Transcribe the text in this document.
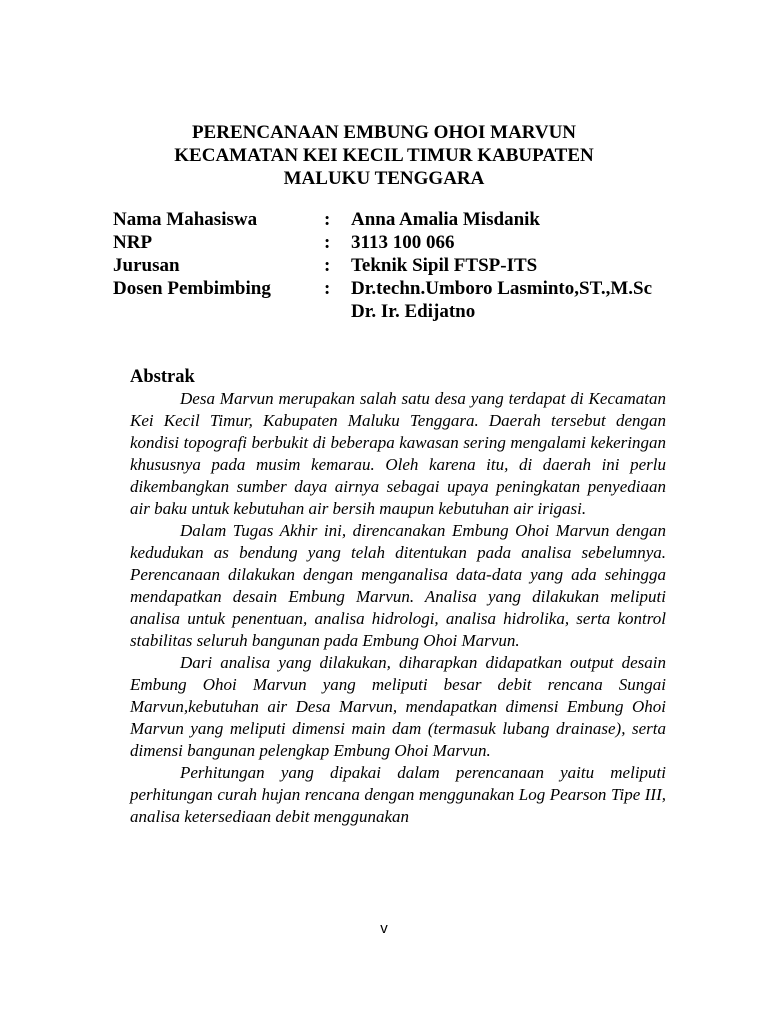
PERENCANAAN EMBUNG OHOI MARVUN
KECAMATAN KEI KECIL TIMUR KABUPATEN
MALUKU TENGGARA
Nama Mahasiswa	: Anna Amalia Misdanik
NRP	: 3113 100 066
Jurusan	: Teknik Sipil FTSP-ITS
Dosen Pembimbing	: Dr.techn.Umboro Lasminto,ST.,M.Sc
Dr. Ir. Edijatno
Abstrak

Desa Marvun merupakan salah satu desa yang terdapat di Kecamatan Kei Kecil Timur, Kabupaten Maluku Tenggara. Daerah tersebut dengan kondisi topografi berbukit di beberapa kawasan sering mengalami kekeringan khususnya pada musim kemarau. Oleh karena itu, di daerah ini perlu dikembangkan sumber daya airnya sebagai upaya peningkatan penyediaan air baku untuk kebutuhan air bersih maupun kebutuhan air irigasi.

Dalam Tugas Akhir ini, direncanakan Embung Ohoi Marvun dengan kedudukan as bendung yang telah ditentukan pada analisa sebelumnya. Perencanaan dilakukan dengan menganalisa data-data yang ada sehingga mendapatkan desain Embung Marvun. Analisa yang dilakukan meliputi analisa untuk penentuan, analisa hidrologi, analisa hidrolika, serta kontrol stabilitas seluruh bangunan pada Embung Ohoi Marvun.

Dari analisa yang dilakukan, diharapkan didapatkan output desain Embung Ohoi Marvun yang meliputi besar debit rencana Sungai Marvun,kebutuhan air Desa Marvun, mendapatkan dimensi Embung Ohoi Marvun yang meliputi dimensi main dam (termasuk lubang drainase), serta dimensi bangunan pelengkap Embung Ohoi Marvun.

Perhitungan yang dipakai dalam perencanaan yaitu meliputi perhitungan curah hujan rencana dengan menggunakan Log Pearson Tipe III, analisa ketersediaan debit menggunakan

v
